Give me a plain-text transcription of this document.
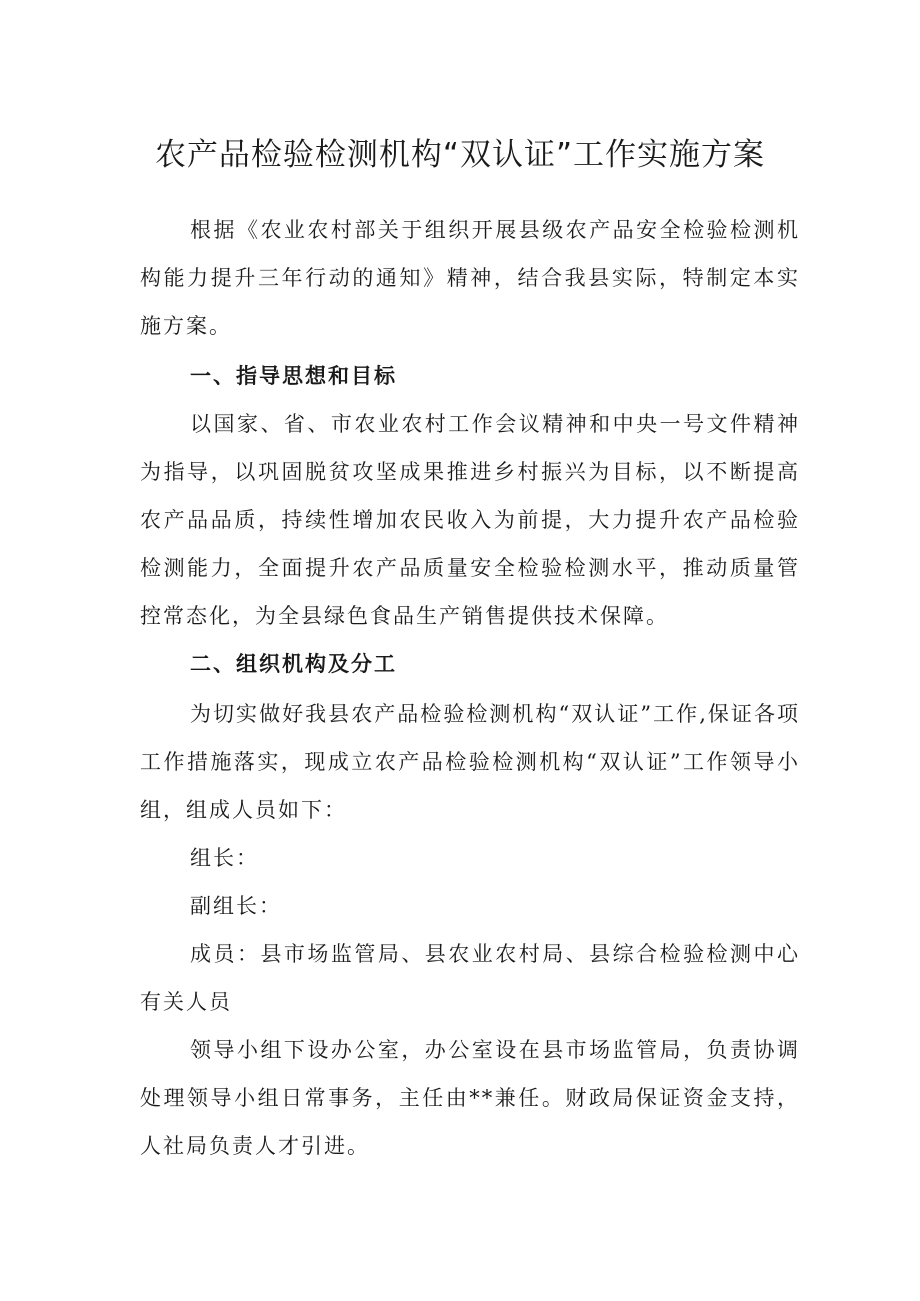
农产品检验检测机构“双认证”工作实施方案

根据《农业农村部关于组织开展县级农产品安全检验检测机构能力提升三年行动的通知》精神，结合我县实际，特制定本实施方案。

一、指导思想和目标

以国家、省、市农业农村工作会议精神和中央一号文件精神为指导，以巩固脱贫攻坚成果推进乡村振兴为目标，以不断提高农产品品质，持续性增加农民收入为前提，大力提升农产品检验检测能力，全面提升农产品质量安全检验检测水平，推动质量管控常态化，为全县绿色食品生产销售提供技术保障。

二、组织机构及分工

为切实做好我县农产品检验检测机构“双认证”工作,保证各项工作措施落实，现成立农产品检验检测机构“双认证”工作领导小组，组成人员如下：

组长：

副组长：

成员：县市场监管局、县农业农村局、县综合检验检测中心有关人员

领导小组下设办公室，办公室设在县市场监管局，负责协调处理领导小组日常事务，主任由**兼任。财政局保证资金支持，人社局负责人才引进。
